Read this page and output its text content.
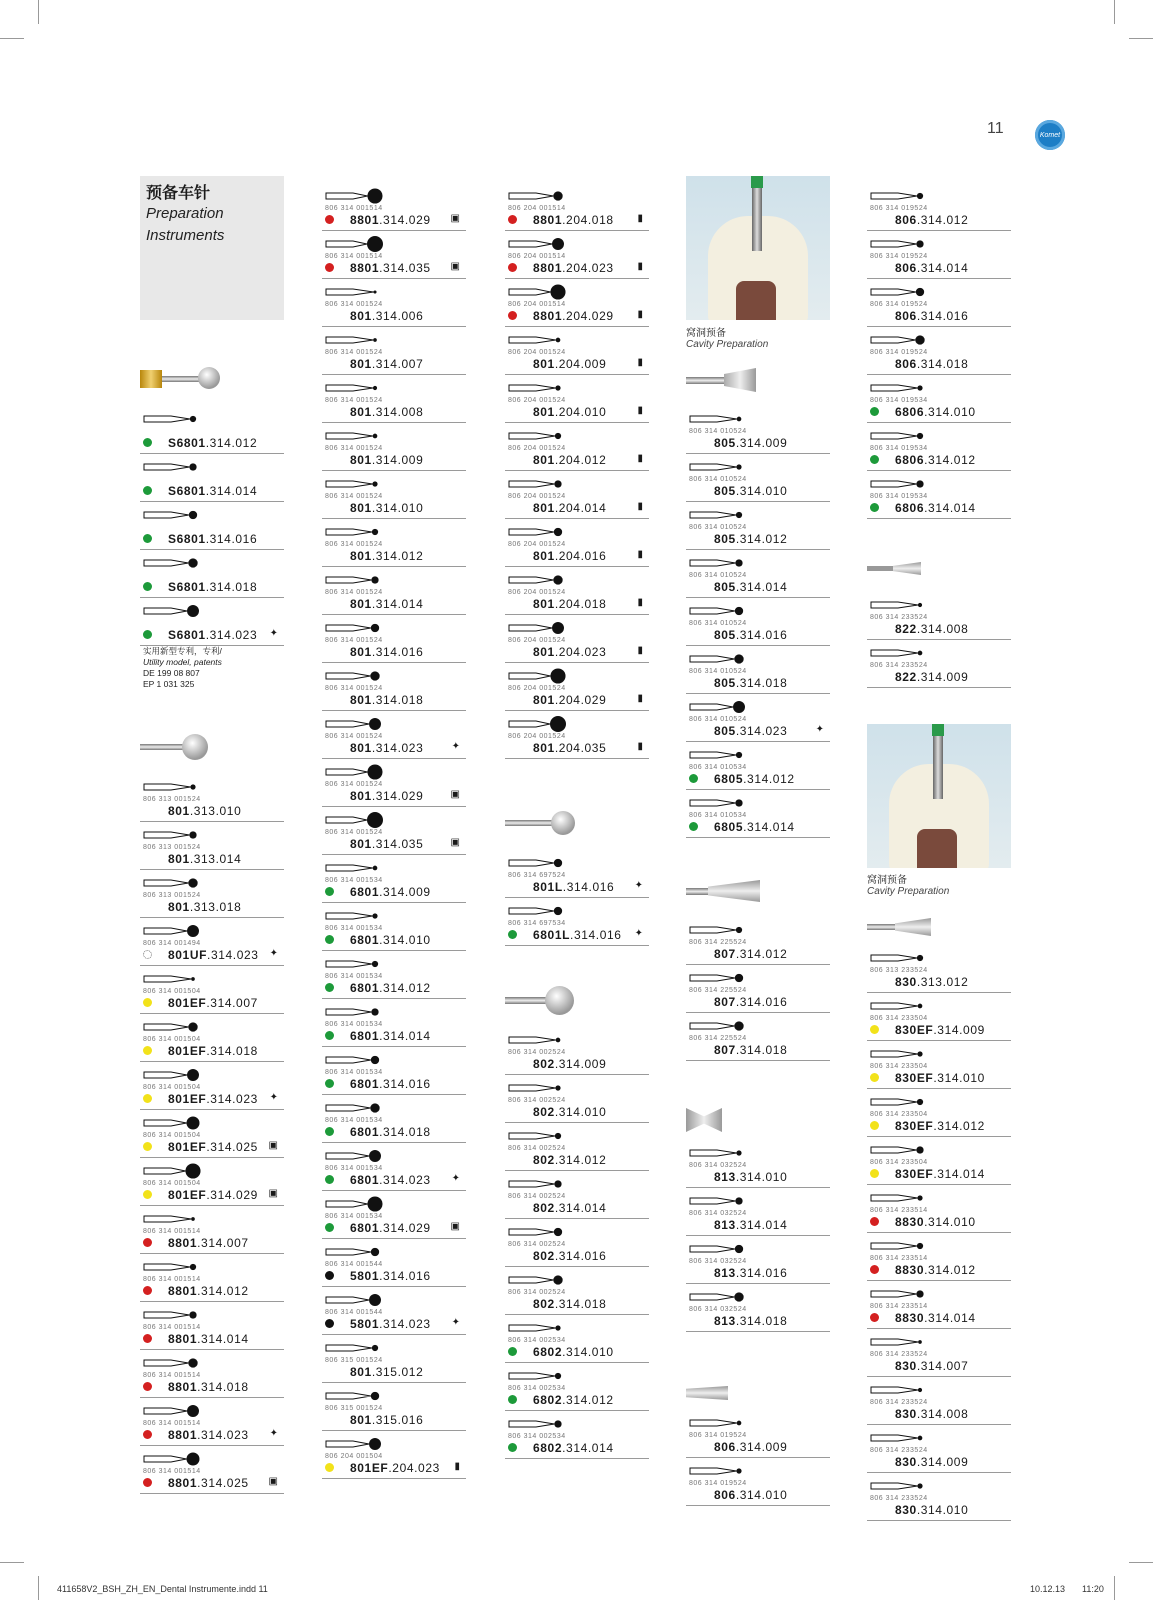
11	Komet
预备车针
Preparation
Instruments
窝洞预备
Cavity Preparation
窝洞预备
Cavity Preparation
实用新型专利，专利/
Utility model, patents
DE 199 08 807
EP 1 031 325
S6801.314.012
S6801.314.014
S6801.314.016
S6801.314.018
S6801.314.023 ✦
806 313 001524
801.313.010
806 313 001524
801.313.014
806 313 001524
801.313.018
806 314 001494
801UF.314.023 ✦
806 314 001504
801EF.314.007
806 314 001504
801EF.314.018
806 314 001504
801EF.314.023 ✦
806 314 001504
801EF.314.025 ▣
806 314 001504
801EF.314.029 ▣
806 314 001514
8801.314.007
806 314 001514
8801.314.012
806 314 001514
8801.314.014
806 314 001514
8801.314.018
806 314 001514
8801.314.023 ✦
806 314 001514
8801.314.025 ▣
806 314 001514
8801.314.029 ▣
806 314 001514
8801.314.035 ▣
806 314 001524
801.314.006
806 314 001524
801.314.007
806 314 001524
801.314.008
806 314 001524
801.314.009
806 314 001524
801.314.010
806 314 001524
801.314.012
806 314 001524
801.314.014
806 314 001524
801.314.016
806 314 001524
801.314.018
806 314 001524
801.314.023	✦
806 314 001524
801.314.029	▣
806 314 001524
801.314.035	▣
806 314 001534
6801.314.009
806 314 001534
6801.314.010
806 314 001534
6801.314.012
806 314 001534
6801.314.014
806 314 001534
6801.314.016
806 314 001534
6801.314.018
806 314 001534
6801.314.023 ✦
806 314 001534
6801.314.029 ▣
806 314 001544
5801.314.016
806 314 001544
5801.314.023 ✦
806 315 001524
801.315.012
806 315 001524
801.315.016
806 204 001504
801EF.204.023 ▮
806 204 001514
8801.204.018 ▮
806 204 001514
8801.204.023 ▮
806 204 001514
8801.204.029 ▮
806 204 001524
801.204.009	▮
806 204 001524
801.204.010	▮
806 204 001524
801.204.012	▮
806 204 001524
801.204.014	▮
806 204 001524
801.204.016	▮
806 204 001524
801.204.018	▮
806 204 001524
801.204.023	▮
806 204 001524
801.204.029	▮
806 204 001524
801.204.035	▮
806 314 697524
801L.314.016 ✦
806 314 697534
6801L.314.016 ✦
806 314 002524
802.314.009
806 314 002524
802.314.010
806 314 002524
802.314.012
806 314 002524
802.314.014
806 314 002524
802.314.016
806 314 002524
802.314.018
806 314 002534
6802.314.010
806 314 002534
6802.314.012
806 314 002534
6802.314.014
806 314 010524
805.314.009
806 314 010524
805.314.010
806 314 010524
805.314.012
806 314 010524
805.314.014
806 314 010524
805.314.016
806 314 010524
805.314.018
806 314 010524
805.314.023	✦
806 314 010534
6805.314.012
806 314 010534
6805.314.014
806 314 225524
807.314.012
806 314 225524
807.314.016
806 314 225524
807.314.018
806 314 032524
813.314.010
806 314 032524
813.314.014
806 314 032524
813.314.016
806 314 032524
813.314.018
806 314 019524
806.314.009
806 314 019524
806.314.010
806 314 019524
806.314.012
806 314 019524
806.314.014
806 314 019524
806.314.016
806 314 019524
806.314.018
806 314 019534
6806.314.010
806 314 019534
6806.314.012
806 314 019534
6806.314.014
806 314 233524
822.314.008
806 314 233524
822.314.009
806 313 233524
830.313.012
806 314 233504
830EF.314.009
806 314 233504
830EF.314.010
806 314 233504
830EF.314.012
806 314 233504
830EF.314.014
806 314 233514
8830.314.010
806 314 233514
8830.314.012
806 314 233514
8830.314.014
806 314 233524
830.314.007
806 314 233524
830.314.008
806 314 233524
830.314.009
806 314 233524
830.314.010
411658V2_BSH_ZH_EN_Dental Instrumente.indd 11	10.12.13 11:20
